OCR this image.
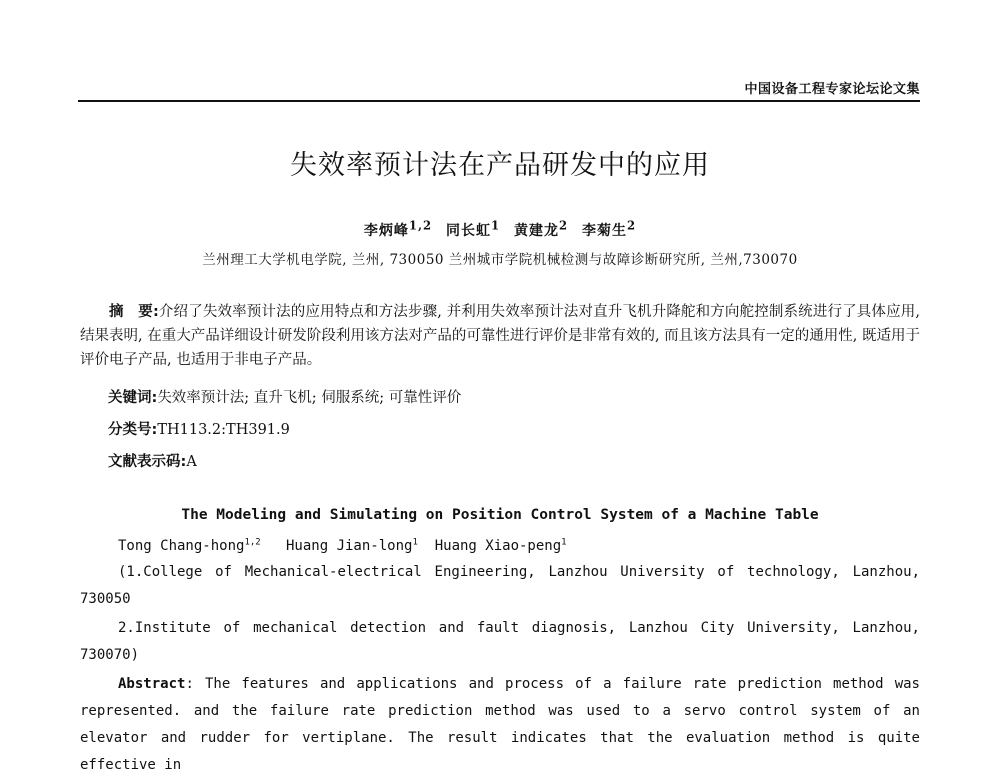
中国设备工程专家论坛论文集
失效率预计法在产品研发中的应用
李炳峰$^{1,2}$ 同长虹$^1$ 黄建龙$^2$ 李菊生$^2$
兰州理工大学机电学院, 兰州, 730050 兰州城市学院机械检测与故障诊断研究所, 兰州,730070
摘　要:介绍了失效率预计法的应用特点和方法步骤, 并利用失效率预计法对直升飞机升降舵和方向舵控制系统进行了具体应用, 结果表明, 在重大产品详细设计研发阶段利用该方法对产品的可靠性进行评价是非常有效的, 而且该方法具有一定的通用性, 既适用于评价电子产品, 也适用于非电子产品。
关键词:失效率预计法; 直升飞机; 伺服系统; 可靠性评价
分类号:TH113.2:TH391.9
文献表示码:A
The Modeling and Simulating on Position Control System of a Machine Table
Tong Chang-hong$^{1,2}$ Huang Jian-long$^1$ Huang Xiao-peng$^1$
(1.College of Mechanical-electrical Engineering, Lanzhou University of technology, Lanzhou, 730050
2.Institute of mechanical detection and fault diagnosis, Lanzhou City University, Lanzhou, 730070)
Abstract: The features and applications and process of a failure rate prediction method was represented. and the failure rate prediction method was used to a servo control system of an elevator and rudder for vertiplane. The result indicates that the evaluation method is quite effective in
